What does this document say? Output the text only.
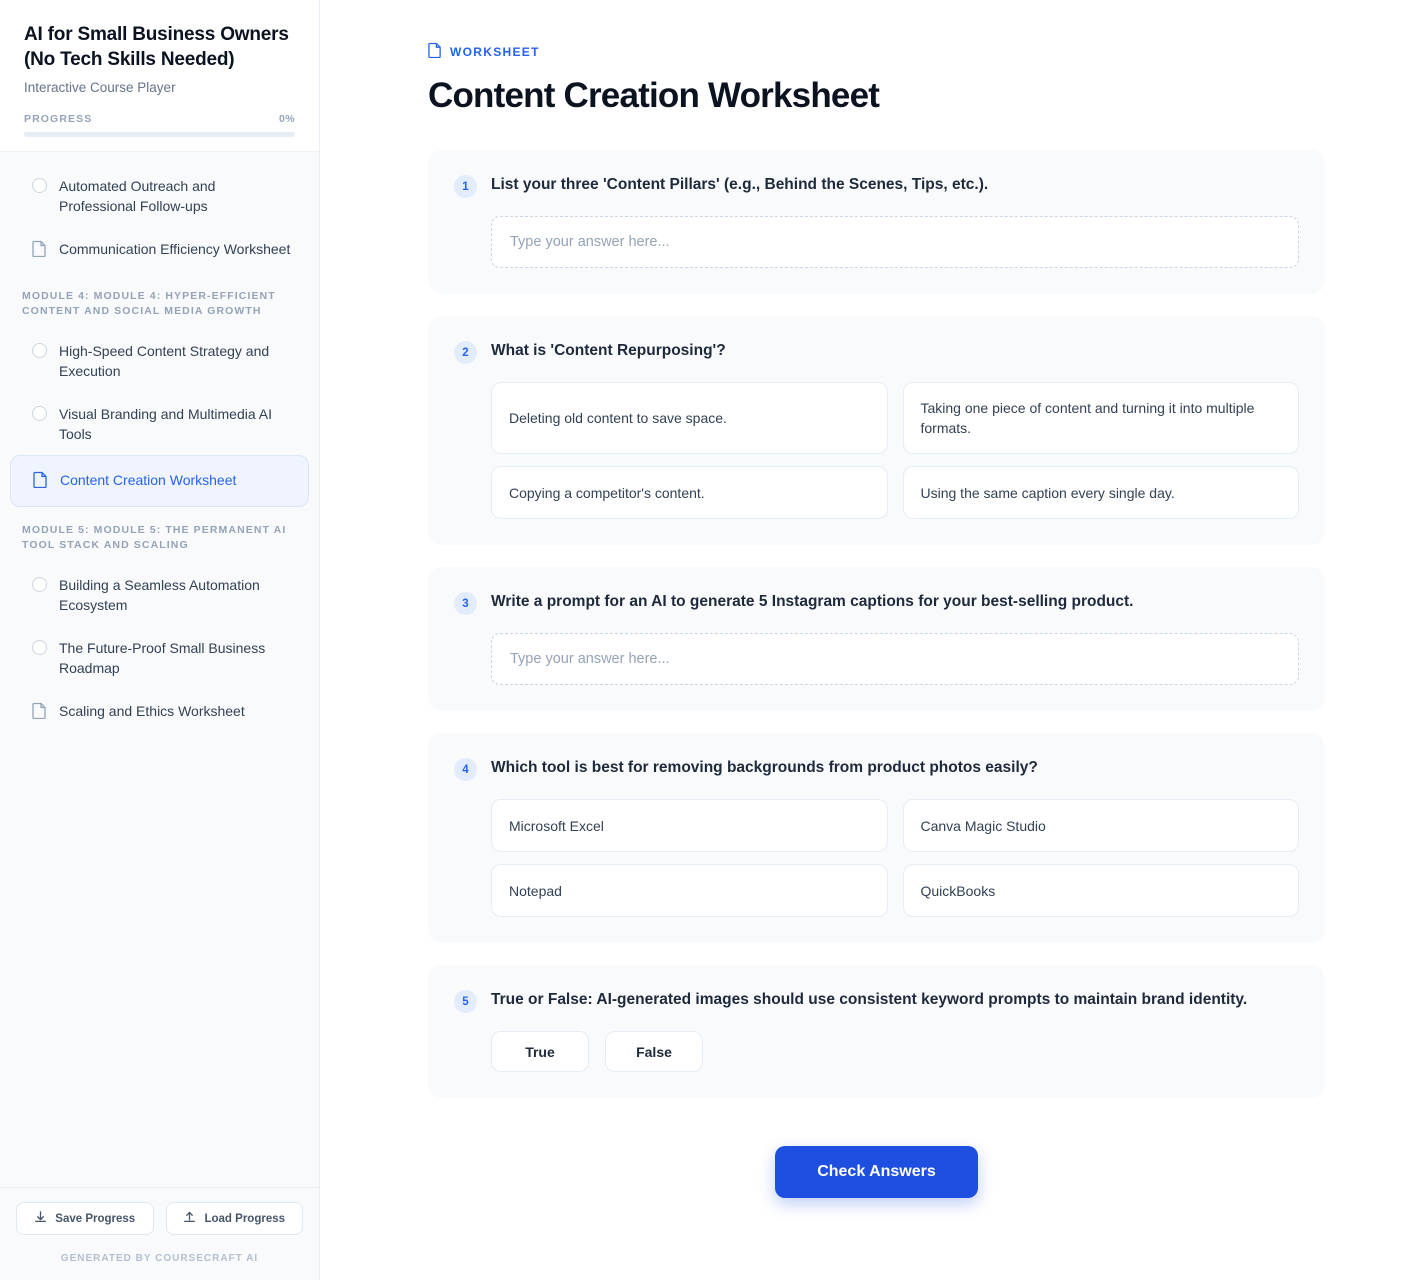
AI for Small Business Owners (No Tech Skills Needed)
Interactive Course Player
PROGRESS	0%
Automated Outreach and Professional Follow-ups
Communication Efficiency Worksheet
MODULE 4: MODULE 4: HYPER-EFFICIENT CONTENT AND SOCIAL MEDIA GROWTH
High-Speed Content Strategy and Execution
Visual Branding and Multimedia AI Tools
Content Creation Worksheet
MODULE 5: MODULE 5: THE PERMANENT AI TOOL STACK AND SCALING
Building a Seamless Automation Ecosystem
The Future-Proof Small Business Roadmap
Scaling and Ethics Worksheet
Save Progress	Load Progress
GENERATED BY COURSECRAFT AI
WORKSHEET
Content Creation Worksheet
1	List your three 'Content Pillars' (e.g., Behind the Scenes, Tips, etc.).
Type your answer here...
2	What is 'Content Repurposing'?
Deleting old content to save space.
Taking one piece of content and turning it into multiple formats.
Copying a competitor's content.	Using the same caption every single day.
3	Write a prompt for an AI to generate 5 Instagram captions for your best-selling product.
Type your answer here...
4	Which tool is best for removing backgrounds from product photos easily?
Microsoft Excel	Canva Magic Studio
Notepad	QuickBooks
5	True or False: AI-generated images should use consistent keyword prompts to maintain brand identity.
True	False
Check Answers
